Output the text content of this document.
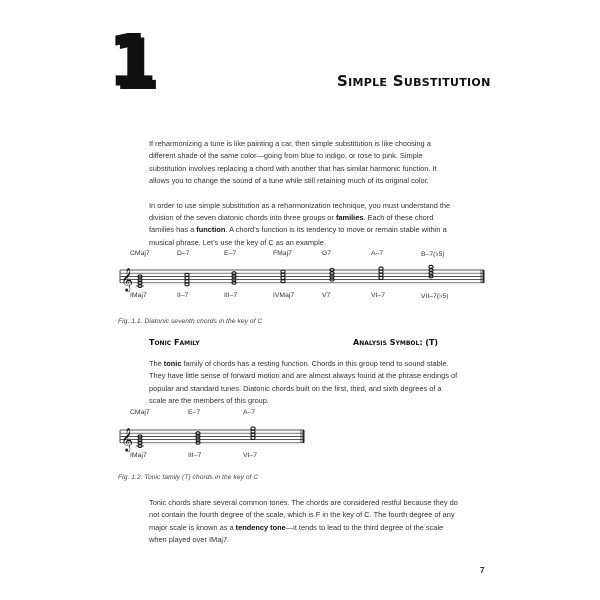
1	Simple Substitution

If reharmonizing a tune is like painting a car, then simple substitution is like choosing a different shade of the same color—going from blue to indigo, or rose to pink. Simple substitution involves replacing a chord with another that has similar harmonic function. It allows you to change the sound of a tune while still retaining much of its original color.

In order to use simple substitution as a reharmonization technique, you must understand the division of the seven diatonic chords into three groups or families. Each of these chord families has a function. A chord’s function is its tendency to move or remain stable within a musical phrase. Let’s use the key of C as an example.

CMaj7	D–7	E–7	FMaj7	G7	A–7	B–7(♭5)
𝄞
IMaj7	II–7	III–7	IVMaj7	V7	VI–7	VII–7(♭5)
Fig. 1.1. Diatonic seventh chords in the key of C
Tonic Family	Analysis Symbol: (T)

The tonic family of chords has a resting function. Chords in this group tend to sound stable. They have little sense of forward motion and are almost always found at the phrase endings of popular and standard tunes. Diatonic chords built on the first, third, and sixth degrees of a scale are the members of this group.

CMaj7	E–7	A–7
𝄞
IMaj7	III–7	VI–7
Fig. 1.2. Tonic family (T) chords in the key of C

Tonic chords share several common tones. The chords are considered restful because they do not contain the fourth degree of the scale, which is F in the key of C. The fourth degree of any major scale is known as a tendency tone—it tends to lead to the third degree of the scale when played over IMaj7.

7
